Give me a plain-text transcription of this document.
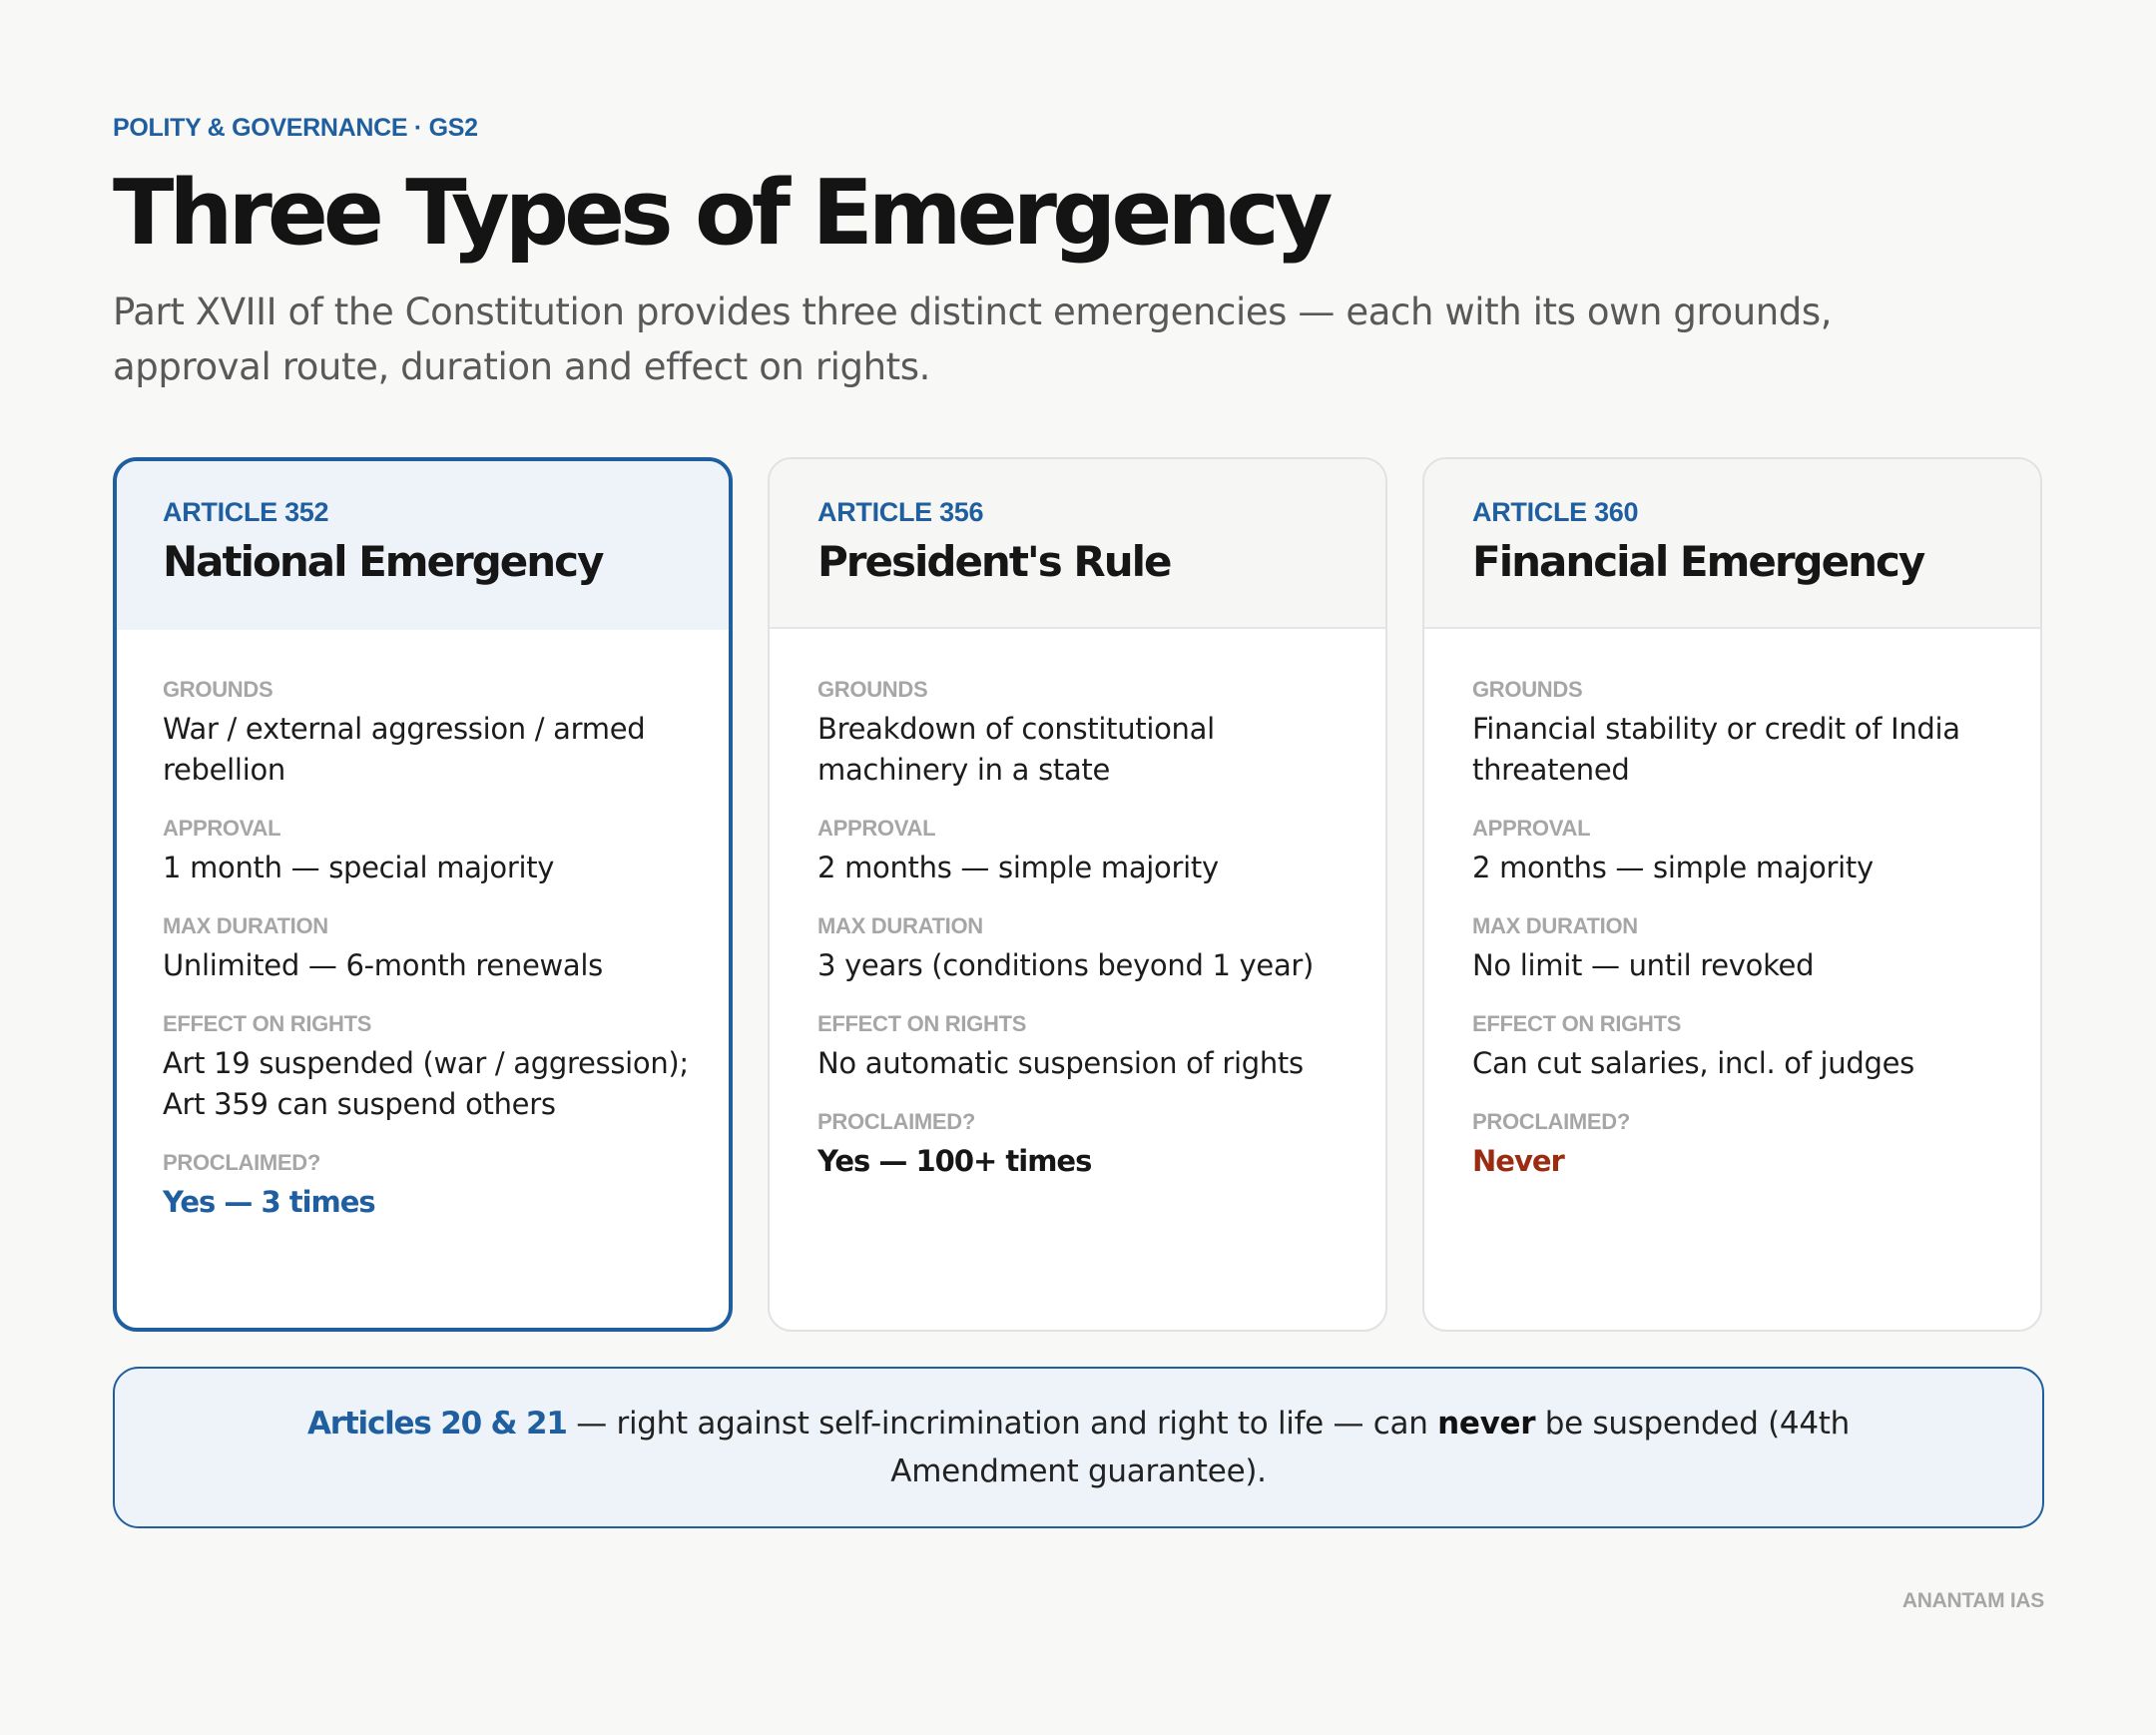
POLITY & GOVERNANCE · GS2
Three Types of Emergency

Part XVIII of the Constitution provides three distinct emergencies — each with its own grounds, approval route, duration and effect on rights.

ARTICLE 352
National Emergency
GROUNDS
War / external aggression / armed rebellion
APPROVAL
1 month — special majority
MAX DURATION
Unlimited — 6-month renewals
EFFECT ON RIGHTS
Art 19 suspended (war / aggression); Art 359 can suspend others
PROCLAIMED?
Yes — 3 times
ARTICLE 356
President's Rule
GROUNDS
Breakdown of constitutional machinery in a state
APPROVAL
2 months — simple majority
MAX DURATION
3 years (conditions beyond 1 year)
EFFECT ON RIGHTS
No automatic suspension of rights
PROCLAIMED?
Yes — 100+ times
ARTICLE 360
Financial Emergency
GROUNDS
Financial stability or credit of India threatened
APPROVAL
2 months — simple majority
MAX DURATION
No limit — until revoked
EFFECT ON RIGHTS
Can cut salaries, incl. of judges
PROCLAIMED?
Never

Articles 20 & 21 — right against self-incrimination and right to life — can never be suspended (44th Amendment guarantee).

ANANTAM IAS
